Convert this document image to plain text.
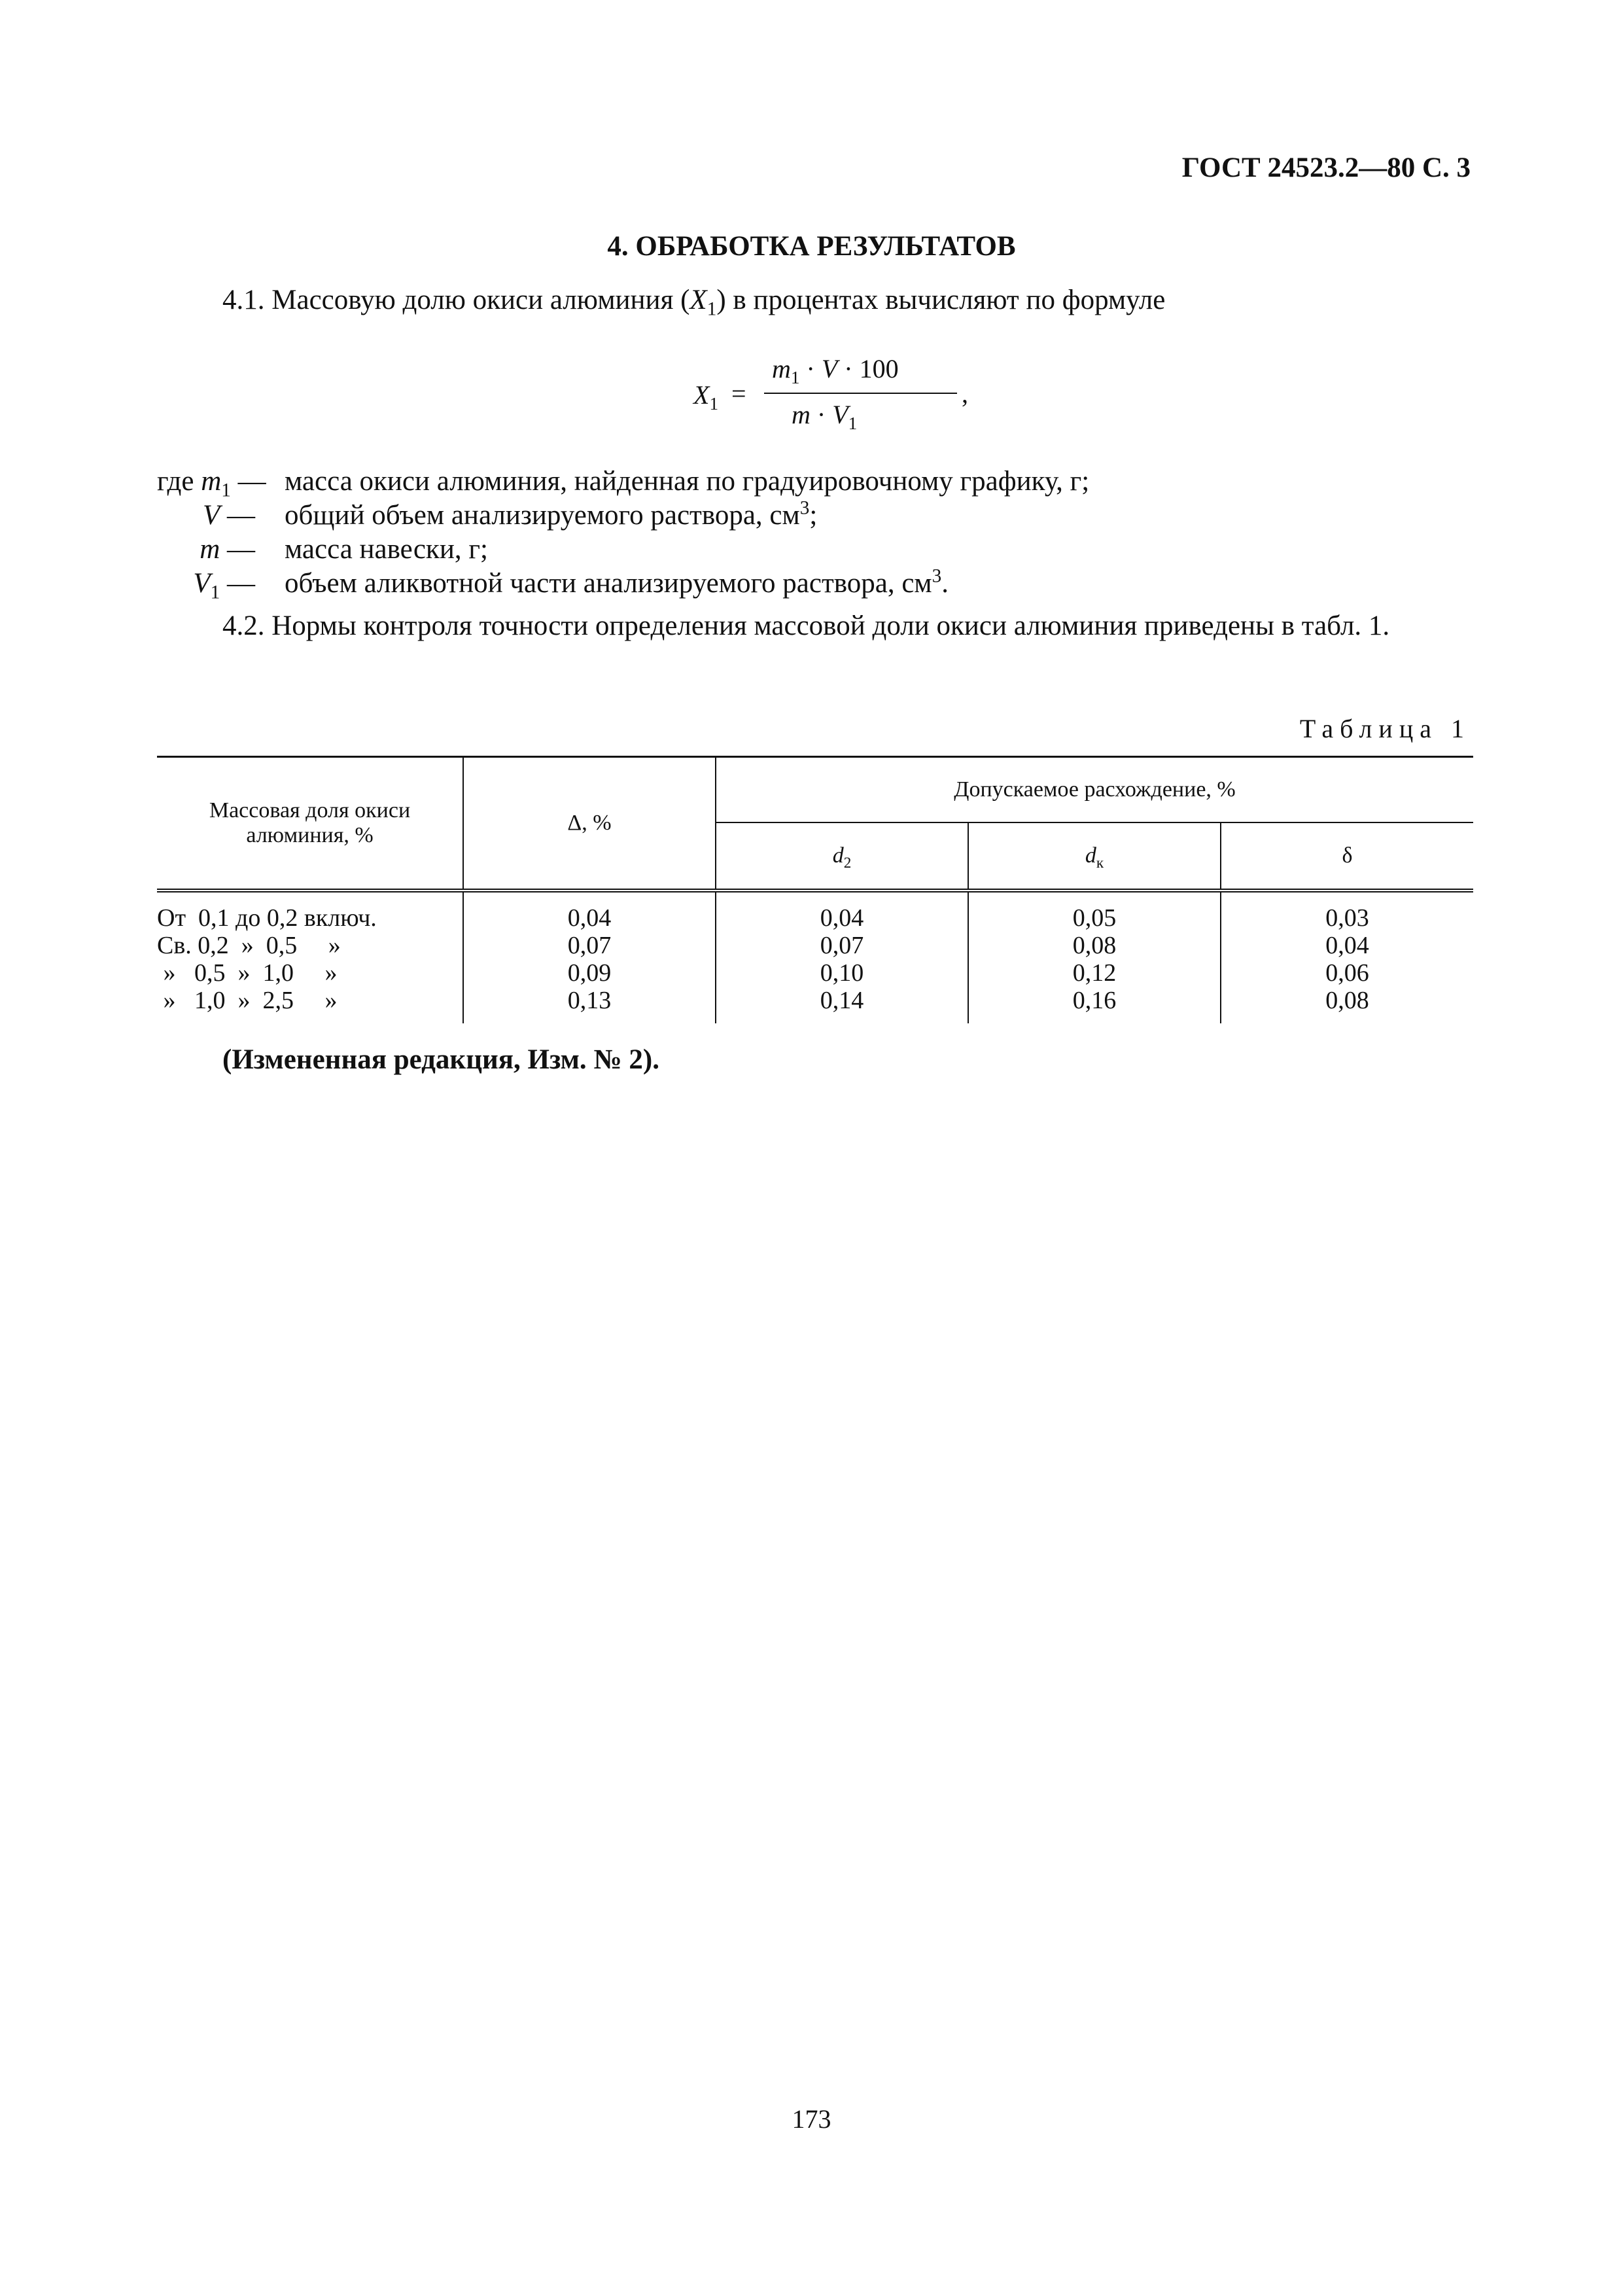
ГОСТ 24523.2—80 С. 3
4. ОБРАБОТКА РЕЗУЛЬТАТОВ
4.1. Массовую долю окиси алюминия $(X_1)$ в процентах вычисляют по формуле
$X_1$ =
$m_1 \cdot V \cdot 100$
$m \cdot V_1$
,
где $m_1$ — масса окиси алюминия, найденная по градуировочному графику, г;
V — общий объем анализируемого раствора, $см^3$;
m — масса навески, г;
$V_1$ — объем аликвотной части анализируемого раствора, $см^3$.
4.2. Нормы контроля точности определения массовой доли окиси алюминия приведены в табл. 1.
Таблица 1
Массовая доля окиси алюминия, %	Δ, %	Допускаемое расхождение, %		
		$d_2$	$d_к$	δ

От  0,1 до 0,2 включ.	0,04	0,04	0,05	0,03
Св. 0,2  »  0,5     »	0,07	0,07	0,08	0,04
»   0,5  »  1,0     »	0,09	0,10	0,12	0,06
»   1,0  »  2,5     »	0,13	0,14	0,16	0,08
(Измененная редакция, Изм. № 2).
173
